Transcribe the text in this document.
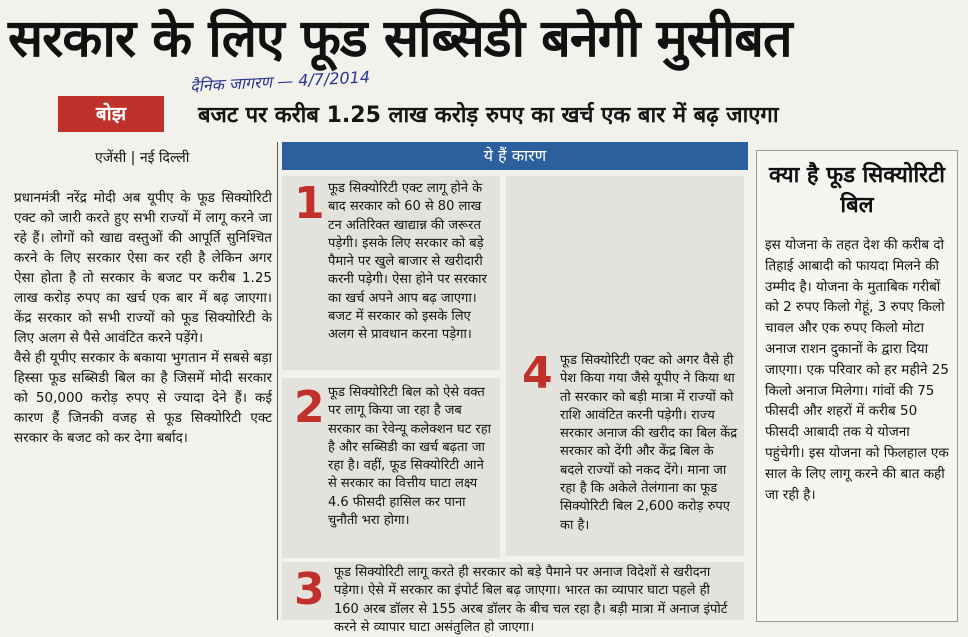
सरकार के लिए फूड सब्सिडी बनेगी मुसीबत
दैनिक जागरण — 4/7/2014
बोझ	बजट पर करीब 1.25 लाख करोड़ रुपए का खर्च एक बार में बढ़ जाएगा
एजेंसी | नई दिल्ली

प्रधानमंत्री नरेंद्र मोदी अब यूपीए के फूड सिक्योरिटी एक्ट को जारी करते हुए सभी राज्यों में लागू करने जा रहे हैं। लोगों को खाद्य वस्तुओं की आपूर्ति सुनिश्चित करने के लिए सरकार ऐसा कर रही है लेकिन अगर ऐसा होता है तो सरकार के बजट पर करीब 1.25 लाख करोड़ रुपए का खर्च एक बार में बढ़ जाएगा। केंद्र सरकार को सभी राज्यों को फूड सिक्योरिटी के लिए अलग से पैसे आवंटित करने पड़ेंगे।

वैसे ही यूपीए सरकार के बकाया भुगतान में सबसे बड़ा हिस्सा फूड सब्सिडी बिल का है जिसमें मोदी सरकार को 50,000 करोड़ रुपए से ज्यादा देने हैं। कई कारण हैं जिनकी वजह से फूड सिक्योरिटी एक्ट सरकार के बजट को कर देगा बर्बाद।

ये हैं कारण
1 फूड सिक्योरिटी एक्ट लागू होने के बाद सरकार को 60 से 80 लाख टन अतिरिक्त खाद्यान्न की जरूरत पड़ेगी। इसके लिए सरकार को बड़े पैमाने पर खुले बाजार से खरीदारी करनी पड़ेगी। ऐसा होने पर सरकार का खर्च अपने आप बढ़ जाएगा। बजट में सरकार को इसके लिए अलग से प्रावधान करना पड़ेगा।
2 फूड सिक्योरिटी बिल को ऐसे वक्त पर लागू किया जा रहा है जब सरकार का रेवेन्यू कलेक्शन घट रहा है और सब्सिडी का खर्च बढ़ता जा रहा है। वहीं, फूड सिक्योरिटी आने से सरकार का वित्तीय घाटा लक्ष्य 4.6 फीसदी हासिल कर पाना चुनौती भरा होगा।
3 फूड सिक्योरिटी लागू करते ही सरकार को बड़े पैमाने पर अनाज विदेशों से खरीदना पड़ेगा। ऐसे में सरकार का इंपोर्ट बिल बढ़ जाएगा। भारत का व्यापार घाटा पहले ही 160 अरब डॉलर से 155 अरब डॉलर के बीच चल रहा है। बड़ी मात्रा में अनाज इंपोर्ट करने से व्यापार घाटा असंतुलित हो जाएगा।
4 फूड सिक्योरिटी एक्ट को अगर वैसे ही पेश किया गया जैसे यूपीए ने किया था तो सरकार को बड़ी मात्रा में राज्यों को राशि आवंटित करनी पड़ेगी। राज्य सरकार अनाज की खरीद का बिल केंद्र सरकार को देंगी और केंद्र बिल के बदले राज्यों को नकद देंगे। माना जा रहा है कि अकेले तेलंगाना का फूड सिक्योरिटी बिल 2,600 करोड़ रुपए का है।
क्या है फूड सिक्योरिटी बिल
इस योजना के तहत देश की करीब दो तिहाई आबादी को फायदा मिलने की उम्मीद है। योजना के मुताबिक गरीबों को 2 रुपए किलो गेहूं, 3 रुपए किलो चावल और एक रुपए किलो मोटा अनाज राशन दुकानों के द्वारा दिया जाएगा। एक परिवार को हर महीने 25 किलो अनाज मिलेगा। गांवों की 75 फीसदी और शहरों में करीब 50 फीसदी आबादी तक ये योजना पहुंचेगी। इस योजना को फिलहाल एक साल के लिए लागू करने की बात कही जा रही है।
